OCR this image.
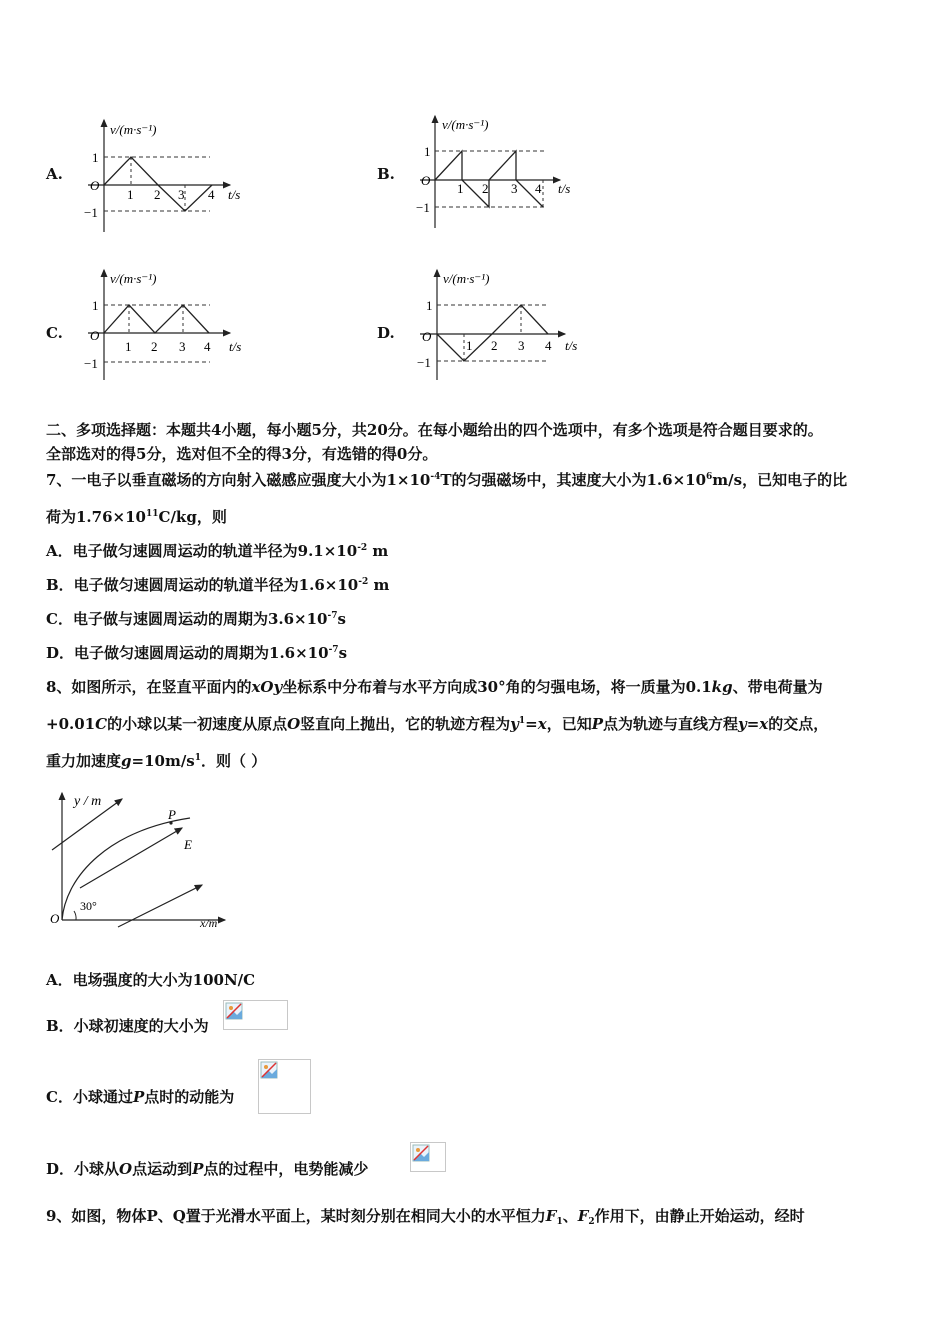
v/(m·s⁻¹)
1
−1
O
1 2 3 4 t/s
v/(m·s⁻¹)
1
−1
O
1 2 3 4 t/s
v/(m·s⁻¹)
1
−1
O
1 2 3 4 t/s
v/(m·s⁻¹)
1
−1
O
1 2 3 4 t/s
A.	B.
C.	D.
二、多项选择题：本题共4小题，每小题5分，共20分。在每小题给出的四个选项中，有多个选项是符合题目要求的。
全部选对的得5分，选对但不全的得3分，有选错的得0分。
7、一电子以垂直磁场的方向射入磁感应强度大小为$1\times 10^{-4}T$的匀强磁场中，其速度大小为$1.6\times 10^6m/s$，已知电子的比
荷为$1.76\times 10^{11}C/kg$，则
A．电子做匀速圆周运动的轨道半径为$9.1\times 10^{-2}$ m
B．电子做匀速圆周运动的轨道半径为$1.6\times 10^{-2}$ m
C．电子做与速圆周运动的周期为$3.6\times 10^{-7}s$
D．电子做匀速圆周运动的周期为$1.6\times 10^{-7}s$
8、如图所示，在竖直平面内的xOy坐标系中分布着与水平方向成30°角的匀强电场，将一质量为0.1kg、带电荷量为
+0.01C的小球以某一初速度从原点O竖直向上抛出，它的轨迹方程为$y^1=x$，已知P点为轨迹与直线方程y=x的交点，
重力加速度$g=10m/s^1$．则（ ）
y / m
P
E
30°
O	x/m
A．电场强度的大小为100N/C
B．小球初速度的大小为
C．小球通过P点时的动能为
D．小球从O点运动到P点的过程中，电势能减少
9、如图，物体P、Q置于光滑水平面上，某时刻分别在相同大小的水平恒力$F_1$、$F_2$作用下，由静止开始运动，经时
